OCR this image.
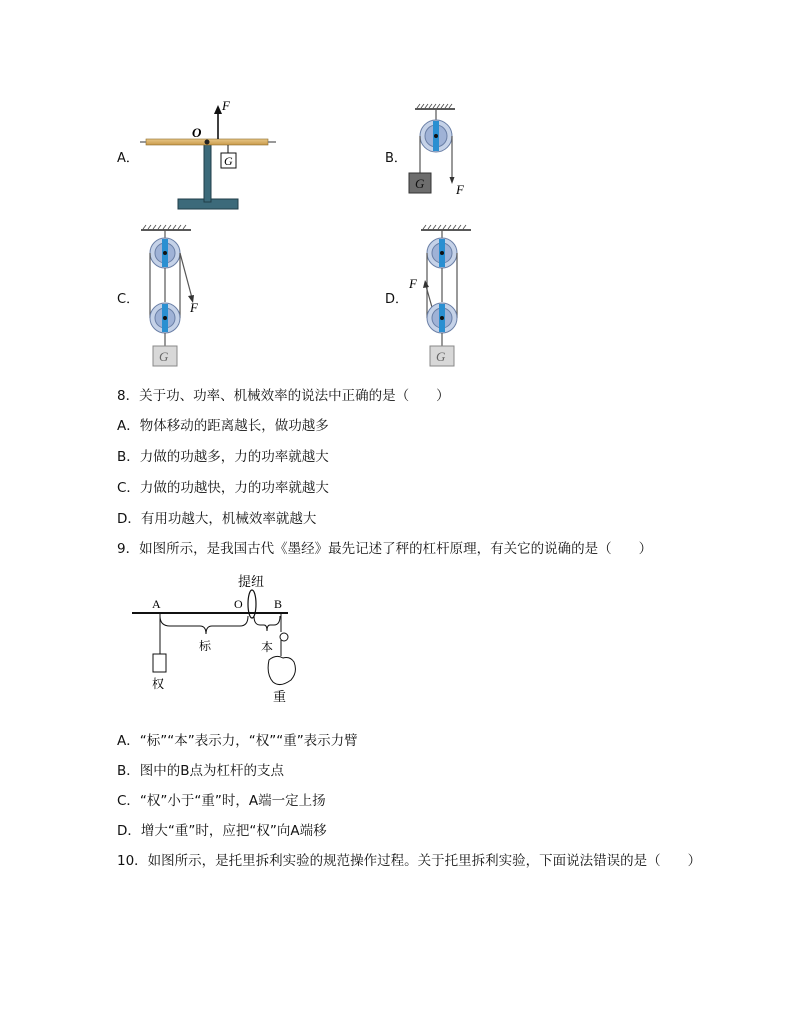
A．	B．
C．	D．
O
F
G
F
G
F
G
F
G
8．关于功、功率、机械效率的说法中正确的是（　　）
A．物体移动的距离越长，做功越多
B．力做的功越多，力的功率就越大
C．力做的功越快，力的功率就越大
D．有用功越大，机械效率就越大
9．如图所示，是我国古代《墨经》最先记述了秤的杠杆原理，有关它的说确的是（　　）
提纽
A	O	B
标	本
权
重
A．“标”“本”表示力，“权”“重”表示力臂
B．图中的B点为杠杆的支点
C．“权”小于“重”时，A端一定上扬
D．增大“重”时，应把“权”向A端移
10．如图所示，是托里拆利实验的规范操作过程。关于托里拆利实验，下面说法错误的是（　　）
